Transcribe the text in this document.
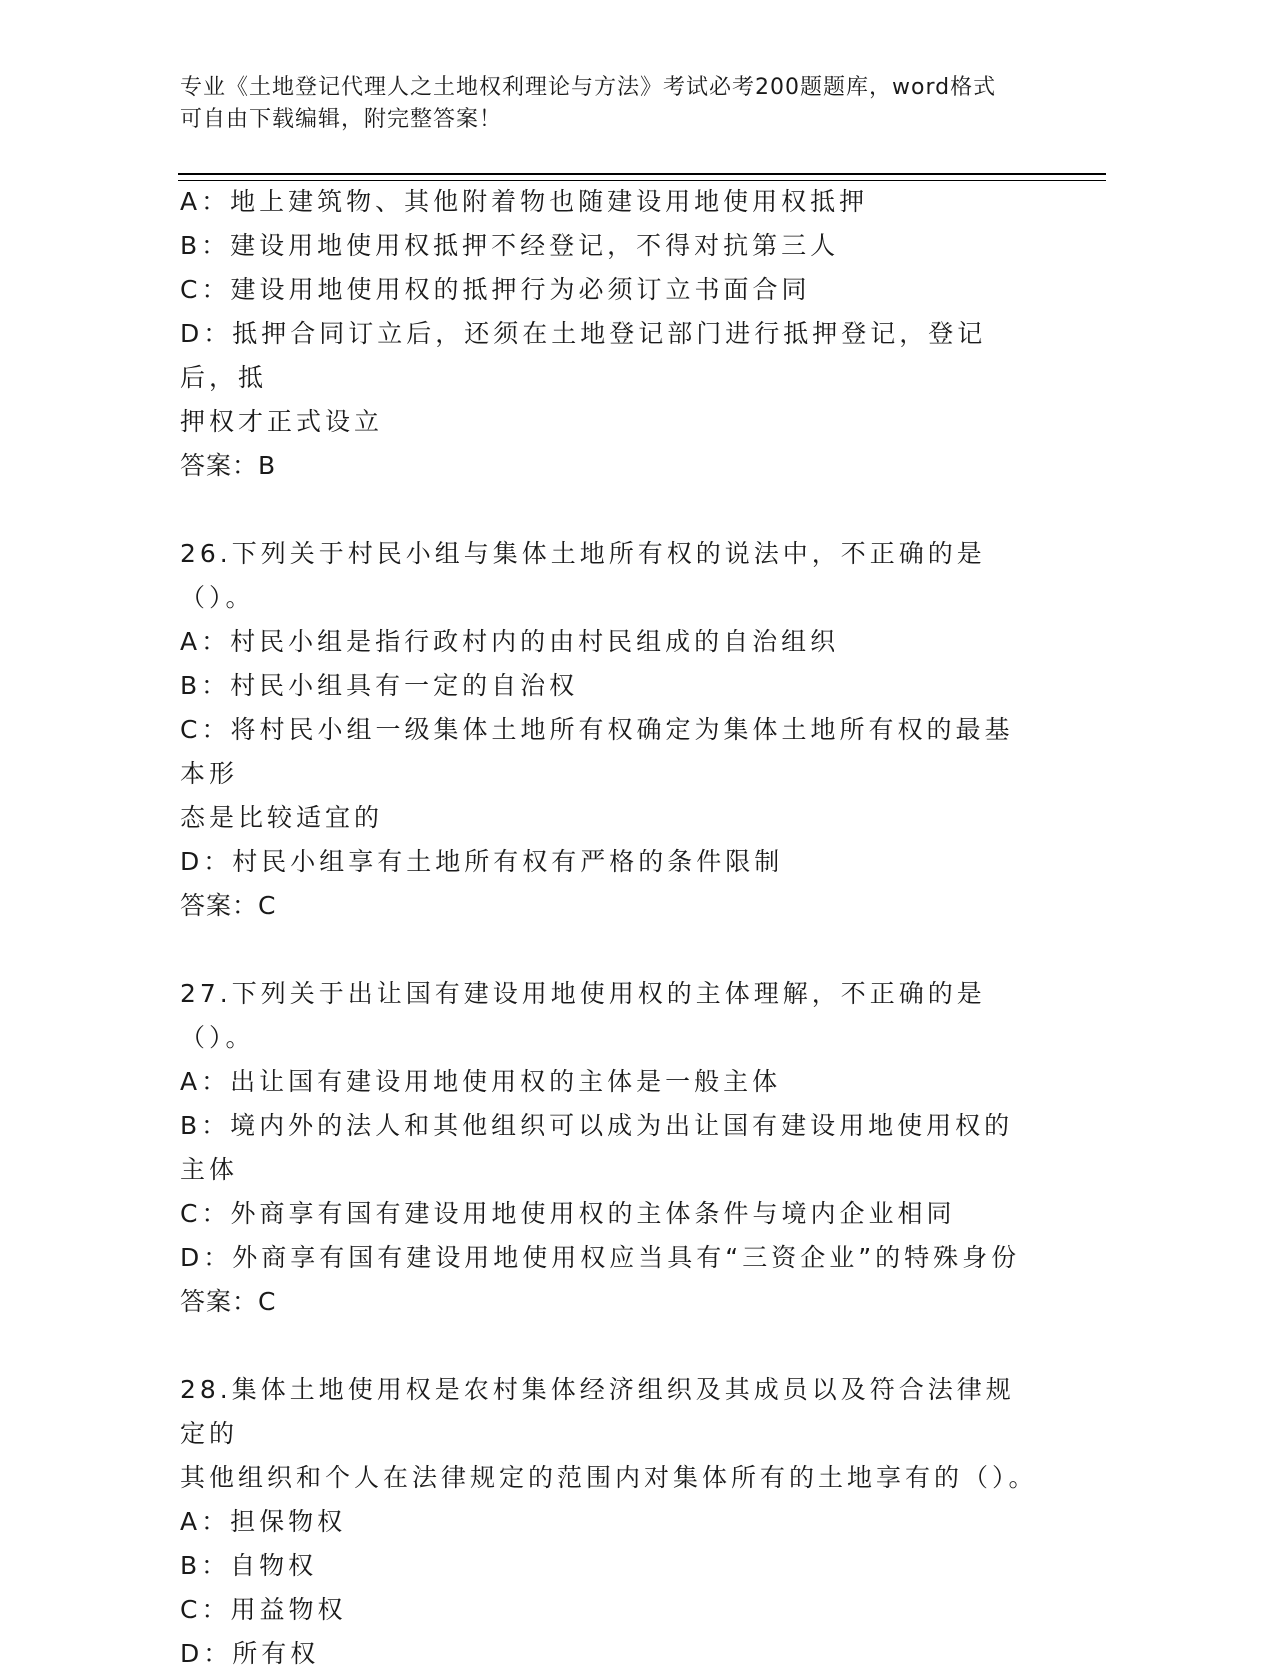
专业《土地登记代理人之土地权利理论与方法》考试必考200题题库，word格式
可自由下载编辑，附完整答案！
A：地上建筑物、其他附着物也随建设用地使用权抵押
B：建设用地使用权抵押不经登记，不得对抗第三人
C：建设用地使用权的抵押行为必须订立书面合同
D：抵押合同订立后，还须在土地登记部门进行抵押登记，登记后，抵
押权才正式设立
答案：B
26.下列关于村民小组与集体土地所有权的说法中，不正确的是（）。
A：村民小组是指行政村内的由村民组成的自治组织
B：村民小组具有一定的自治权
C：将村民小组一级集体土地所有权确定为集体土地所有权的最基本形
态是比较适宜的
D：村民小组享有土地所有权有严格的条件限制
答案：C
27.下列关于出让国有建设用地使用权的主体理解，不正确的是（）。
A：出让国有建设用地使用权的主体是一般主体
B：境内外的法人和其他组织可以成为出让国有建设用地使用权的主体
C：外商享有国有建设用地使用权的主体条件与境内企业相同
D：外商享有国有建设用地使用权应当具有“三资企业”的特殊身份
答案：C
28.集体土地使用权是农村集体经济组织及其成员以及符合法律规定的
其他组织和个人在法律规定的范围内对集体所有的土地享有的（）。
A：担保物权
B：自物权
C：用益物权
D：所有权
